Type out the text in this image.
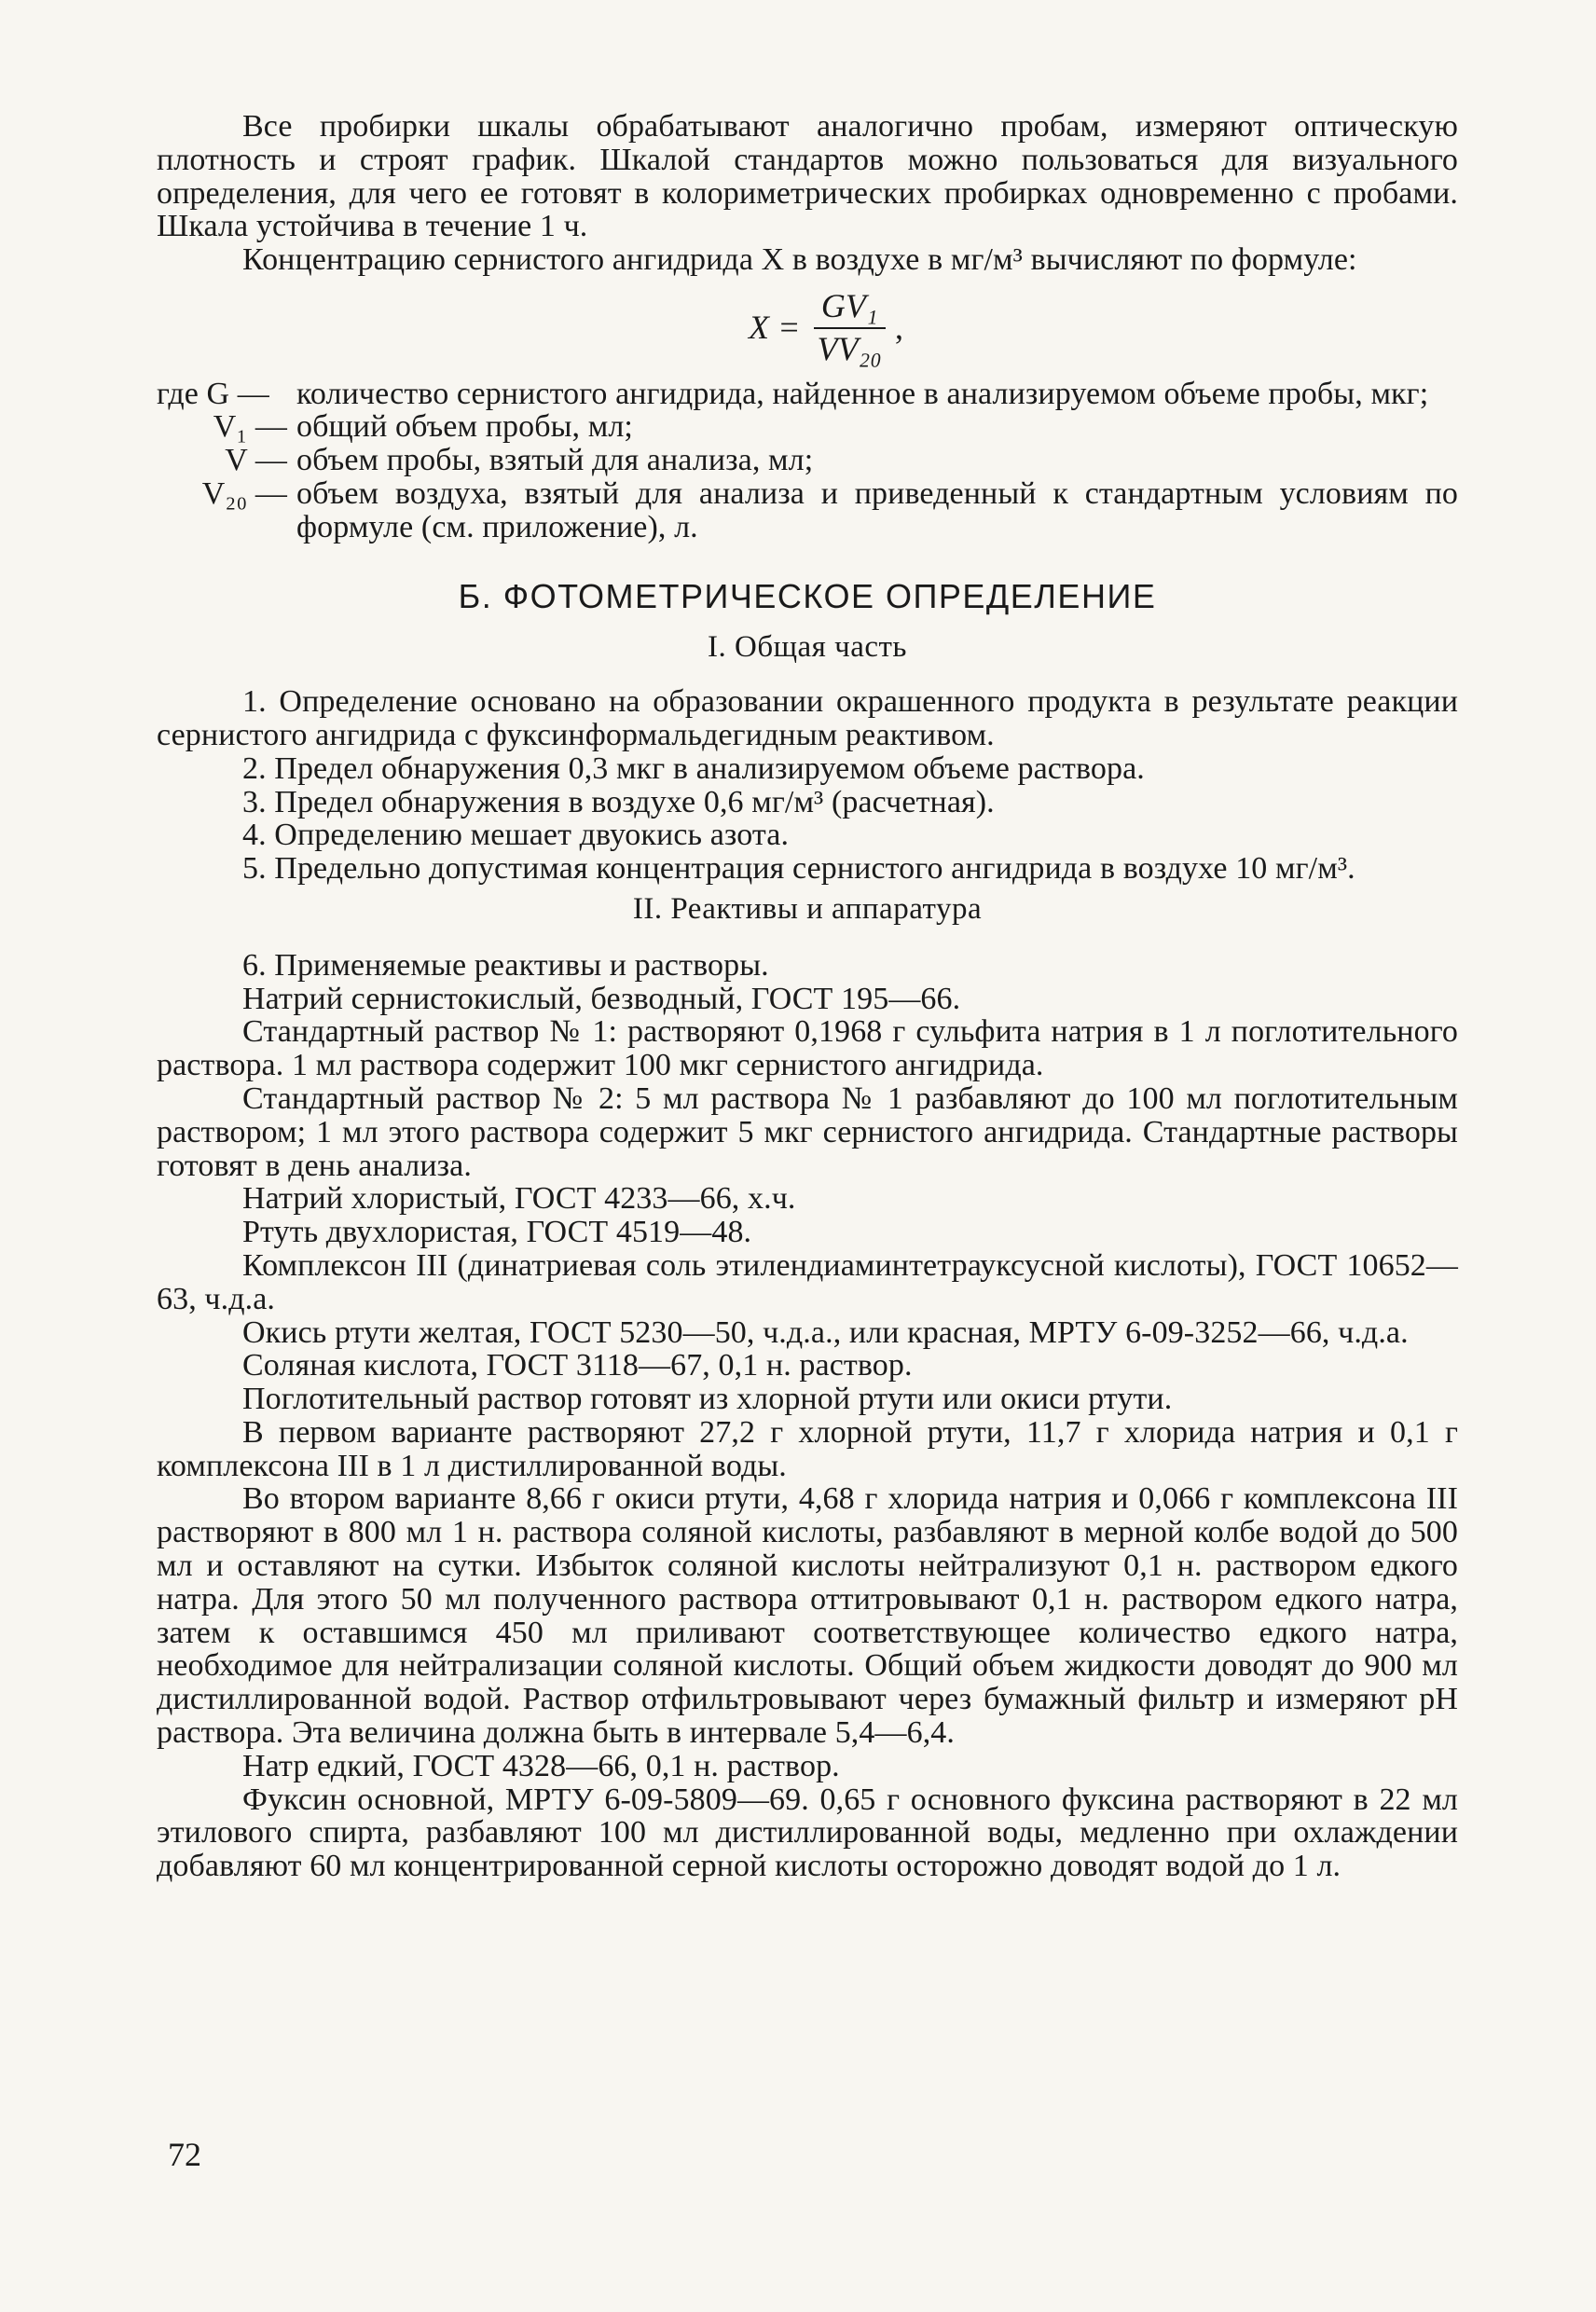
Все пробирки шкалы обрабатывают аналогично пробам, измеряют оптическую плотность и строят график. Шкалой стандартов можно пользоваться для визуального определения, для чего ее готовят в колориметрических пробирках одновременно с пробами. Шкала устойчива в течение 1 ч.

Концентрацию сернистого ангидрида X в воздухе в мг/м³ вычисляют по формуле:

$X = \frac{\text{GV₁}}{\text{VV₂₀}}$ ,
где G — количество сернистого ангидрида, найденное в анализируемом объеме пробы, мкг;
V₁ — общий объем пробы, мл;
V — объем пробы, взятый для анализа, мл;
V₂₀ — объем воздуха, взятый для анализа и приведенный к стандартным условиям по формуле (см. приложение), л.
Б. ФОТОМЕТРИЧЕСКОЕ ОПРЕДЕЛЕНИЕ
I. Общая часть

1. Определение основано на образовании окрашенного продукта в результате реакции сернистого ангидрида с фуксинформальдегидным реактивом.

2. Предел обнаружения 0,3 мкг в анализируемом объеме раствора.

3. Предел обнаружения в воздухе 0,6 мг/м³ (расчетная).

4. Определению мешает двуокись азота.

5. Предельно допустимая концентрация сернистого ангидрида в воздухе 10 мг/м³.

II. Реактивы и аппаратура

6. Применяемые реактивы и растворы.

Натрий сернистокислый, безводный, ГОСТ 195—66.

Стандартный раствор № 1: растворяют 0,1968 г сульфита натрия в 1 л поглотительного раствора. 1 мл раствора содержит 100 мкг сернистого ангидрида.

Стандартный раствор № 2: 5 мл раствора № 1 разбавляют до 100 мл поглотительным раствором; 1 мл этого раствора содержит 5 мкг сернистого ангидрида. Стандартные растворы готовят в день анализа.

Натрий хлористый, ГОСТ 4233—66, х.ч.

Ртуть двухлористая, ГОСТ 4519—48.

Комплексон III (динатриевая соль этилендиаминтетрауксусной кислоты), ГОСТ 10652—63, ч.д.а.

Окись ртути желтая, ГОСТ 5230—50, ч.д.а., или красная, МРТУ 6-09-3252—66, ч.д.а.

Соляная кислота, ГОСТ 3118—67, 0,1 н. раствор.

Поглотительный раствор готовят из хлорной ртути или окиси ртути.

В первом варианте растворяют 27,2 г хлорной ртути, 11,7 г хлорида натрия и 0,1 г комплексона III в 1 л дистиллированной воды.

Во втором варианте 8,66 г окиси ртути, 4,68 г хлорида натрия и 0,066 г комплексона III растворяют в 800 мл 1 н. раствора соляной кислоты, разбавляют в мерной колбе водой до 500 мл и оставляют на сутки. Избыток соляной кислоты нейтрализуют 0,1 н. раствором едкого натра. Для этого 50 мл полученного раствора оттитровывают 0,1 н. раствором едкого натра, затем к оставшимся 450 мл приливают соответствующее количество едкого натра, необходимое для нейтрализации соляной кислоты. Общий объем жидкости доводят до 900 мл дистиллированной водой. Раствор отфильтровывают через бумажный фильтр и измеряют pH раствора. Эта величина должна быть в интервале 5,4—6,4.

Натр едкий, ГОСТ 4328—66, 0,1 н. раствор.

Фуксин основной, МРТУ 6-09-5809—69. 0,65 г основного фуксина растворяют в 22 мл этилового спирта, разбавляют 100 мл дистиллированной воды, медленно при охлаждении добавляют 60 мл концентрированной серной кислоты осторожно доводят водой до 1 л.

72
